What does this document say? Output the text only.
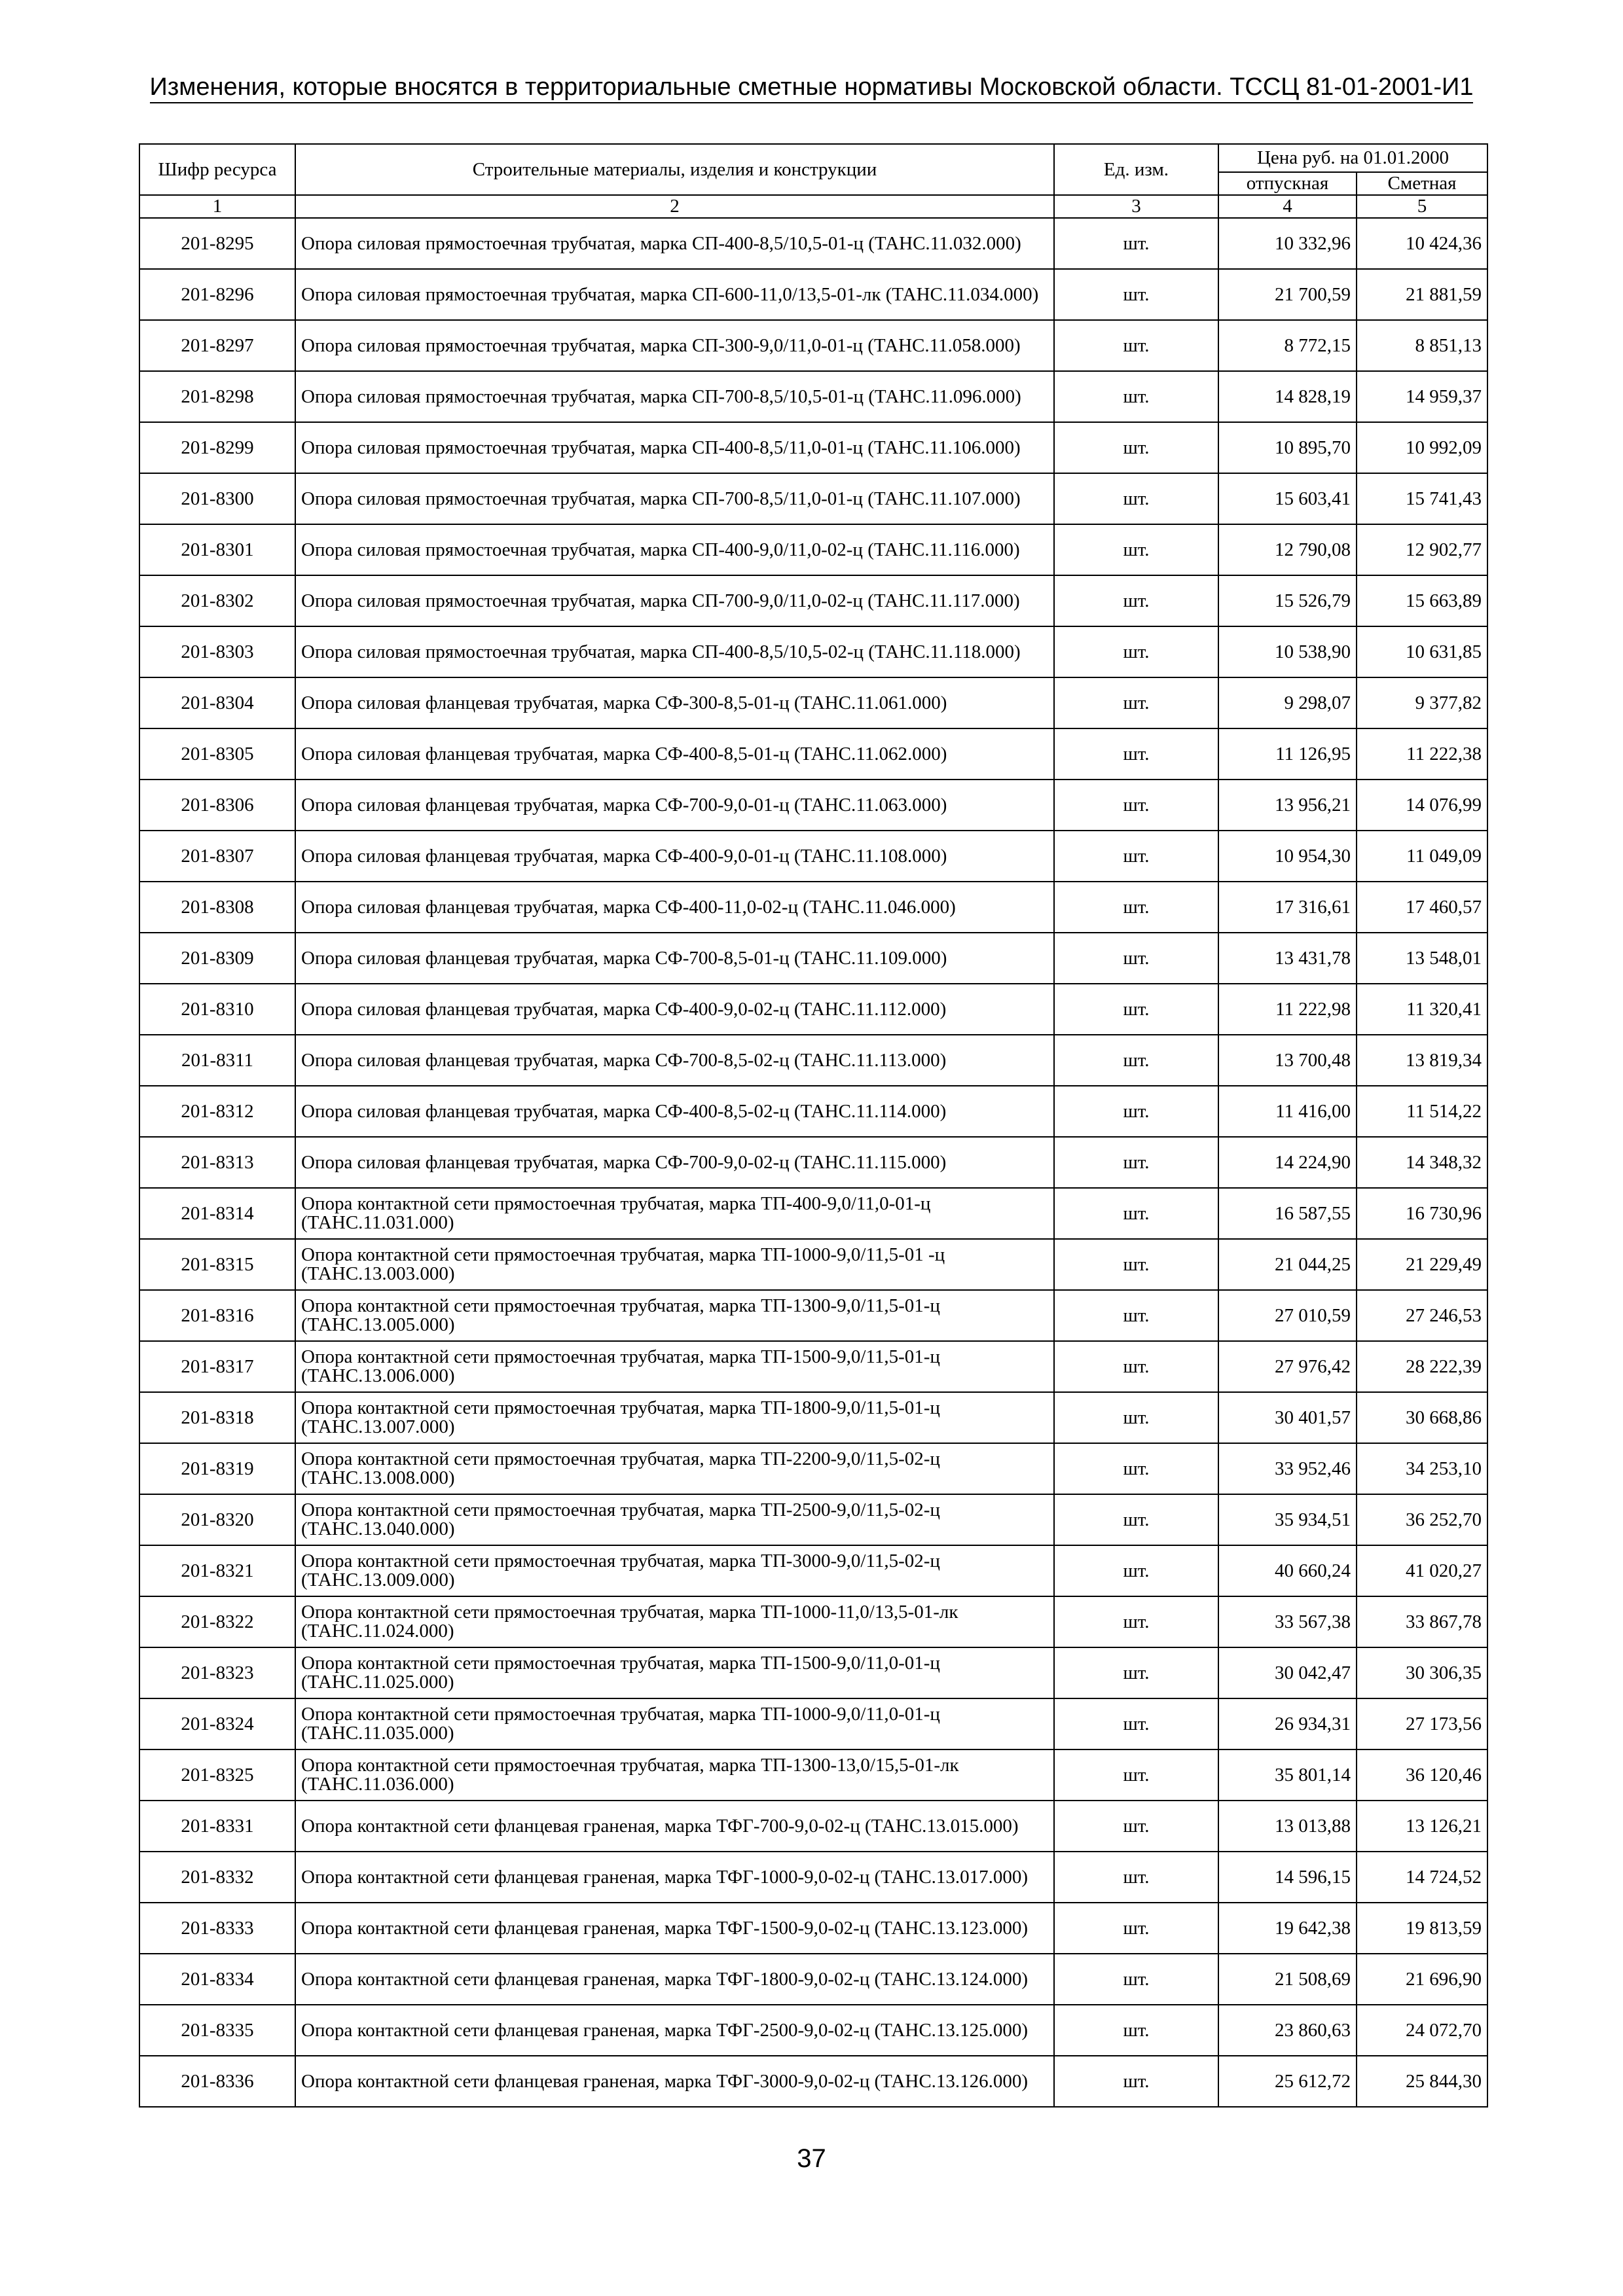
Изменения, которые вносятся в территориальные сметные нормативы Московской области. ТССЦ 81-01-2001-И1
Шифр ресурса	Строительные материалы, изделия и конструкции	Ед. изм.	Цена руб. на 01.01.2000	
			отпускная	Сметная
1	2	3	4	5
201-8295	Опора силовая прямостоечная трубчатая, марка СП-400-8,5/10,5-01-ц (ТАНС.11.032.000)	шт.	10 332,96	10 424,36
201-8296	Опора силовая прямостоечная трубчатая, марка СП-600-11,0/13,5-01-лк (ТАНС.11.034.000)	шт.	21 700,59	21 881,59
201-8297	Опора силовая прямостоечная трубчатая, марка СП-300-9,0/11,0-01-ц (ТАНС.11.058.000)	шт.	8 772,15	8 851,13
201-8298	Опора силовая прямостоечная трубчатая, марка СП-700-8,5/10,5-01-ц (ТАНС.11.096.000)	шт.	14 828,19	14 959,37
201-8299	Опора силовая прямостоечная трубчатая, марка СП-400-8,5/11,0-01-ц (ТАНС.11.106.000)	шт.	10 895,70	10 992,09
201-8300	Опора силовая прямостоечная трубчатая, марка СП-700-8,5/11,0-01-ц (ТАНС.11.107.000)	шт.	15 603,41	15 741,43
201-8301	Опора силовая прямостоечная трубчатая, марка СП-400-9,0/11,0-02-ц (ТАНС.11.116.000)	шт.	12 790,08	12 902,77
201-8302	Опора силовая прямостоечная трубчатая, марка СП-700-9,0/11,0-02-ц (ТАНС.11.117.000)	шт.	15 526,79	15 663,89
201-8303	Опора силовая прямостоечная трубчатая, марка СП-400-8,5/10,5-02-ц (ТАНС.11.118.000)	шт.	10 538,90	10 631,85
201-8304	Опора силовая фланцевая трубчатая, марка СФ-300-8,5-01-ц (ТАНС.11.061.000)	шт.	9 298,07	9 377,82
201-8305	Опора силовая фланцевая трубчатая, марка СФ-400-8,5-01-ц (ТАНС.11.062.000)	шт.	11 126,95	11 222,38
201-8306	Опора силовая фланцевая трубчатая, марка СФ-700-9,0-01-ц (ТАНС.11.063.000)	шт.	13 956,21	14 076,99
201-8307	Опора силовая фланцевая трубчатая, марка СФ-400-9,0-01-ц (ТАНС.11.108.000)	шт.	10 954,30	11 049,09
201-8308	Опора силовая фланцевая трубчатая, марка СФ-400-11,0-02-ц (ТАНС.11.046.000)	шт.	17 316,61	17 460,57
201-8309	Опора силовая фланцевая трубчатая, марка СФ-700-8,5-01-ц (ТАНС.11.109.000)	шт.	13 431,78	13 548,01
201-8310	Опора силовая фланцевая трубчатая, марка СФ-400-9,0-02-ц (ТАНС.11.112.000)	шт.	11 222,98	11 320,41
201-8311	Опора силовая фланцевая трубчатая, марка СФ-700-8,5-02-ц (ТАНС.11.113.000)	шт.	13 700,48	13 819,34
201-8312	Опора силовая фланцевая трубчатая, марка СФ-400-8,5-02-ц (ТАНС.11.114.000)	шт.	11 416,00	11 514,22
201-8313	Опора силовая фланцевая трубчатая, марка СФ-700-9,0-02-ц (ТАНС.11.115.000)	шт.	14 224,90	14 348,32
201-8314	Опора контактной сети прямостоечная трубчатая, марка ТП-400-9,0/11,0-01-ц (ТАНС.11.031.000)	шт.	16 587,55	16 730,96
201-8315	Опора контактной сети прямостоечная трубчатая, марка ТП-1000-9,0/11,5-01 -ц (ТАНС.13.003.000)	шт.	21 044,25	21 229,49
201-8316	Опора контактной сети прямостоечная трубчатая, марка ТП-1300-9,0/11,5-01-ц (ТАНС.13.005.000)	шт.	27 010,59	27 246,53
201-8317	Опора контактной сети прямостоечная трубчатая, марка ТП-1500-9,0/11,5-01-ц (ТАНС.13.006.000)	шт.	27 976,42	28 222,39
201-8318	Опора контактной сети прямостоечная трубчатая, марка ТП-1800-9,0/11,5-01-ц (ТАНС.13.007.000)	шт.	30 401,57	30 668,86
201-8319	Опора контактной сети прямостоечная трубчатая, марка ТП-2200-9,0/11,5-02-ц (ТАНС.13.008.000)	шт.	33 952,46	34 253,10
201-8320	Опора контактной сети прямостоечная трубчатая, марка ТП-2500-9,0/11,5-02-ц (ТАНС.13.040.000)	шт.	35 934,51	36 252,70
201-8321	Опора контактной сети прямостоечная трубчатая, марка ТП-3000-9,0/11,5-02-ц (ТАНС.13.009.000)	шт.	40 660,24	41 020,27
201-8322	Опора контактной сети прямостоечная трубчатая, марка ТП-1000-11,0/13,5-01-лк (ТАНС.11.024.000)	шт.	33 567,38	33 867,78
201-8323	Опора контактной сети прямостоечная трубчатая, марка ТП-1500-9,0/11,0-01-ц (ТАНС.11.025.000)	шт.	30 042,47	30 306,35
201-8324	Опора контактной сети прямостоечная трубчатая, марка ТП-1000-9,0/11,0-01-ц (ТАНС.11.035.000)	шт.	26 934,31	27 173,56
201-8325	Опора контактной сети прямостоечная трубчатая, марка ТП-1300-13,0/15,5-01-лк (ТАНС.11.036.000)	шт.	35 801,14	36 120,46
201-8331	Опора контактной сети фланцевая граненая, марка ТФГ-700-9,0-02-ц (ТАНС.13.015.000)	шт.	13 013,88	13 126,21
201-8332	Опора контактной сети фланцевая граненая, марка ТФГ-1000-9,0-02-ц (ТАНС.13.017.000)	шт.	14 596,15	14 724,52
201-8333	Опора контактной сети фланцевая граненая, марка ТФГ-1500-9,0-02-ц (ТАНС.13.123.000)	шт.	19 642,38	19 813,59
201-8334	Опора контактной сети фланцевая граненая, марка ТФГ-1800-9,0-02-ц (ТАНС.13.124.000)	шт.	21 508,69	21 696,90
201-8335	Опора контактной сети фланцевая граненая, марка ТФГ-2500-9,0-02-ц (ТАНС.13.125.000)	шт.	23 860,63	24 072,70
201-8336	Опора контактной сети фланцевая граненая, марка ТФГ-3000-9,0-02-ц (ТАНС.13.126.000)	шт.	25 612,72	25 844,30
37
